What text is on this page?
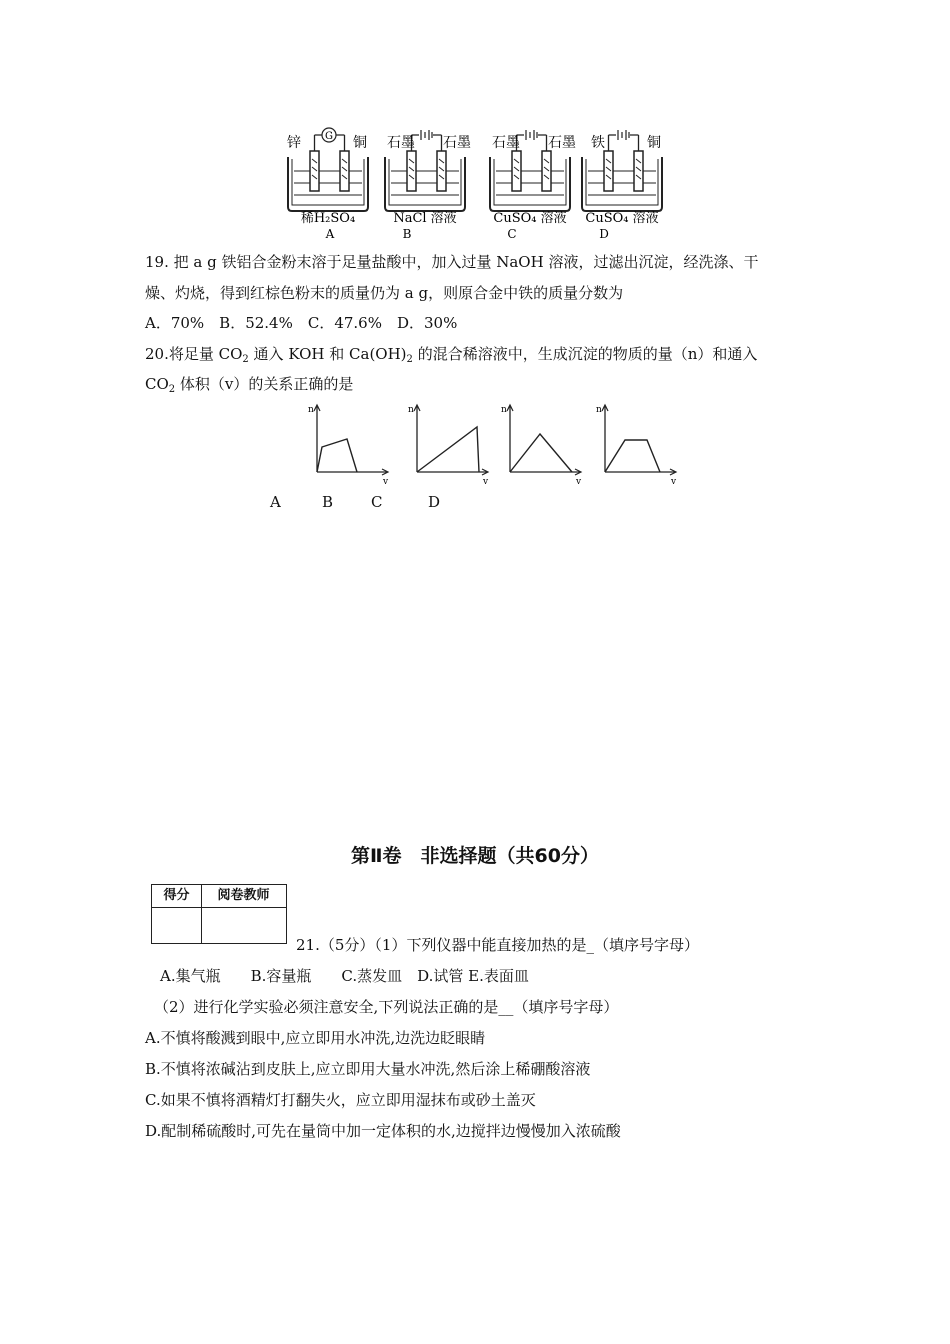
G
锌	铜
稀H₂SO₄
A
石墨 石墨
NaCl 溶液
B
石墨 石墨
CuSO₄ 溶液
C
铁	铜
CuSO₄ 溶液
D
19. 把 a g 铁铝合金粉末溶于足量盐酸中，加入过量 NaOH 溶液，过滤出沉淀，经洗涤、干
燥、灼烧，得到红棕色粉末的质量仍为 a g，则原合金中铁的质量分数为
A．70%　B．52.4%　C．47.6%　D．30%
20.将足量 $CO_2$ 通入 KOH 和 $Ca(OH)_2$ 的混合稀溶液中，生成沉淀的物质的量（n）和通入
$CO_2$ 体积（v）的关系正确的是
n
v
n
v
n
v
n
v
A	B	C	D
第Ⅱ卷　非选择题（共60分）
得分	阅卷教师
21.（5分）（1）下列仪器中能直接加热的是_（填序号字母）
A.集气瓶　　B.容量瓶　　C.蒸发皿　D.试管 E.表面皿
（2）进行化学实验必须注意安全,下列说法正确的是__（填序号字母）
A.不慎将酸溅到眼中,应立即用水冲洗,边洗边眨眼睛
B.不慎将浓碱沾到皮肤上,应立即用大量水冲洗,然后涂上稀硼酸溶液
C.如果不慎将酒精灯打翻失火，应立即用湿抹布或砂土盖灭
D.配制稀硫酸时,可先在量筒中加一定体积的水,边搅拌边慢慢加入浓硫酸
